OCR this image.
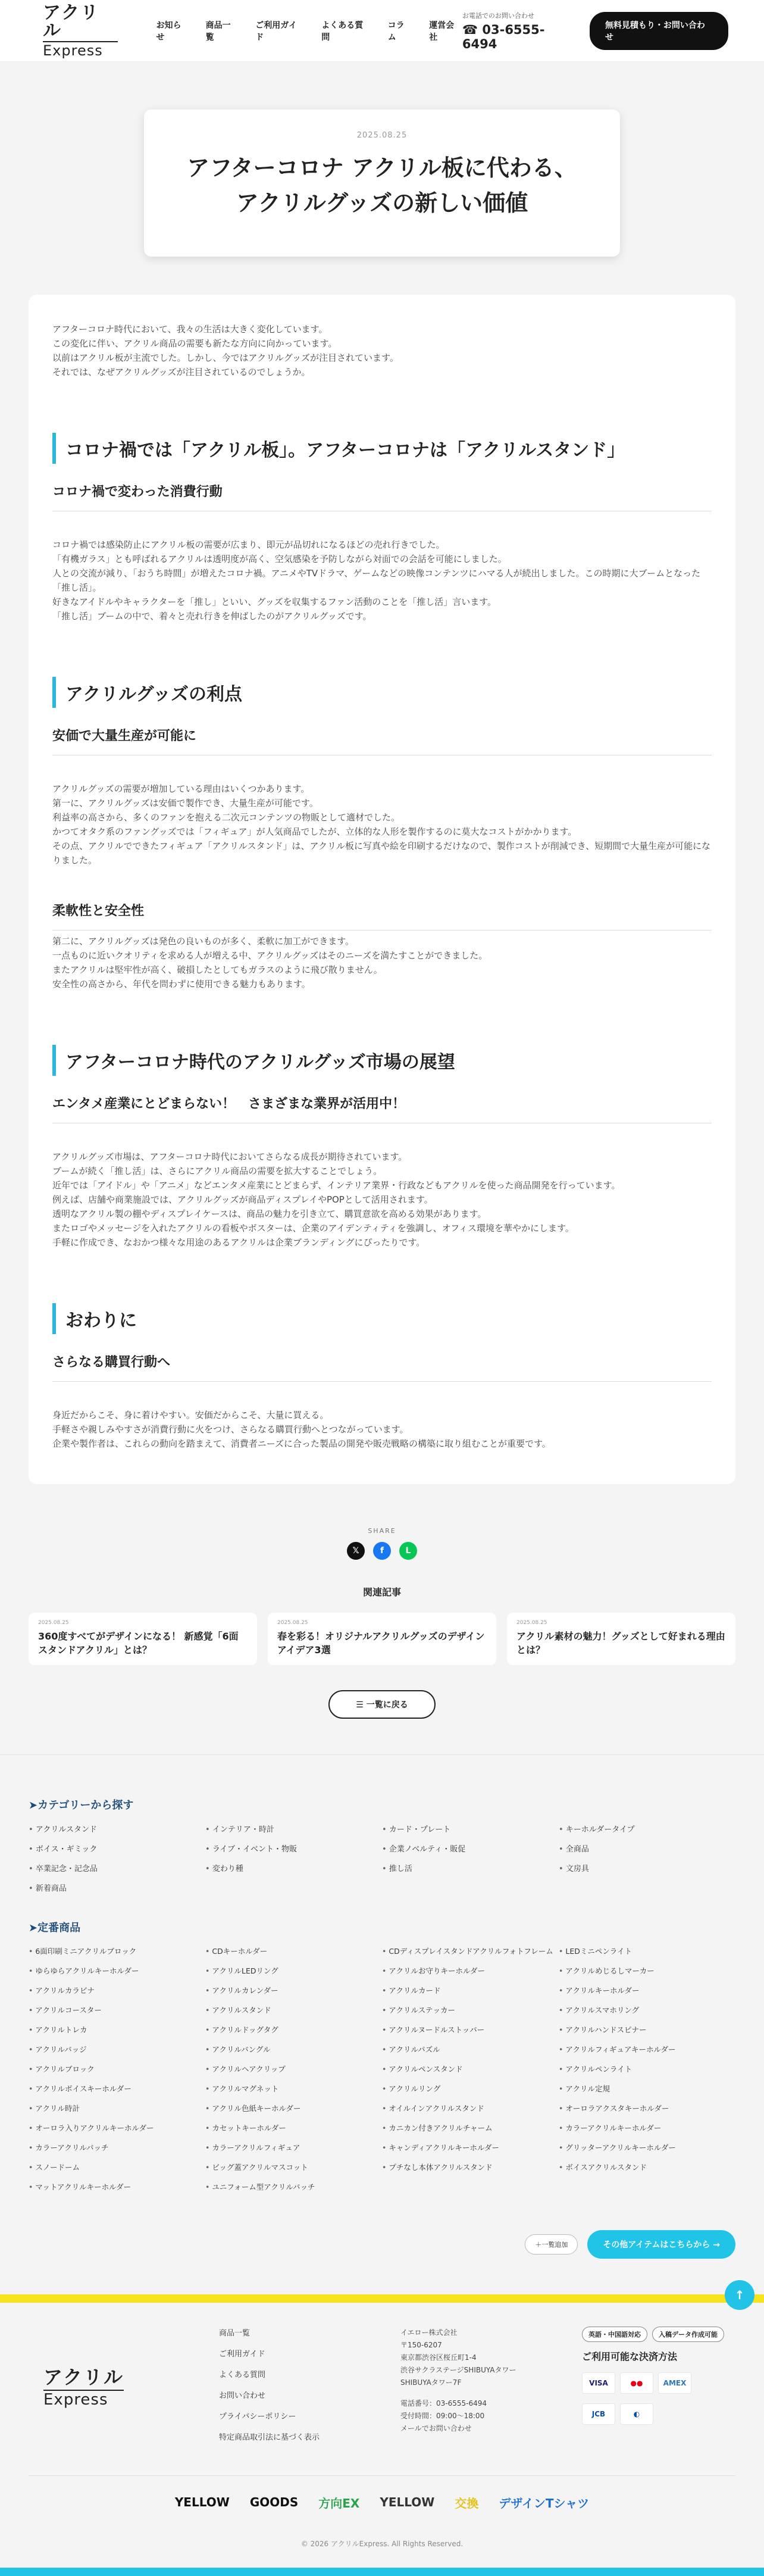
アクリル
Express
お知らせ
商品一覧
ご利用ガイド
よくある質問
コラム
運営会社
お電話でのお問い合わせ
☎ 03-6555-6494
無料見積もり・お問い合わせ
2025.08.25
アフターコロナ アクリル板に代わる、アクリルグッズの新しい価値

アフターコロナ時代において、我々の生活は大きく変化しています。
この変化に伴い、アクリル商品の需要も新たな方向に向かっています。
以前はアクリル板が主流でした。しかし、今ではアクリルグッズが注目されています。
それでは、なぜアクリルグッズが注目されているのでしょうか。

コロナ禍では「アクリル板」。アフターコロナは「アクリルスタンド」
コロナ禍で変わった消費行動

コロナ禍では感染防止にアクリル板の需要が広まり、即元が品切れになるほどの売れ行きでした。
「有機ガラス」とも呼ばれるアクリルは透明度が高く、空気感染を予防しながら対面での会話を可能にしました。
人との交流が減り、「おうち時間」が増えたコロナ禍。アニメやTVドラマ、ゲームなどの映像コンテンツにハマる人が続出しました。この時期に大ブームとなった「推し活」。
好きなアイドルやキャラクターを「推し」といい、グッズを収集するファン活動のことを「推し活」言います。
「推し活」ブームの中で、着々と売れ行きを伸ばしたのがアクリルグッズです。

アクリルグッズの利点
安価で大量生産が可能に

アクリルグッズの需要が増加している理由はいくつかあります。
第一に、アクリルグッズは安価で製作でき、大量生産が可能です。
利益率の高さから、多くのファンを抱える二次元コンテンツの物販として適材でした。
かつてオタク系のファングッズでは「フィギュア」が人気商品でしたが、立体的な人形を製作するのに莫大なコストがかかります。
その点、アクリルでできたフィギュア「アクリルスタンド」は、アクリル板に写真や絵を印刷するだけなので、製作コストが削減でき、短期間で大量生産が可能になりました。

柔軟性と安全性

第二に、アクリルグッズは発色の良いものが多く、柔軟に加工ができます。
一点ものに近いクオリティを求める人が増える中、アクリルグッズはそのニーズを満たすことができました。
またアクリルは堅牢性が高く、破損したとしてもガラスのように飛び散りません。
安全性の高さから、年代を問わずに使用できる魅力もあります。

アフターコロナ時代のアクリルグッズ市場の展望
エンタメ産業にとどまらない！　さまざまな業界が活用中！

アクリルグッズ市場は、アフターコロナ時代においてさらなる成長が期待されています。
ブームが続く「推し活」は、さらにアクリル商品の需要を拡大することでしょう。
近年では「アイドル」や「アニメ」などエンタメ産業にとどまらず、インテリア業界・行政などもアクリルを使った商品開発を行っています。
例えば、店舗や商業施設では、アクリルグッズが商品ディスプレイやPOPとして活用されます。
透明なアクリル製の棚やディスプレイケースは、商品の魅力を引き立て、購買意欲を高める効果があります。
またロゴやメッセージを入れたアクリルの看板やボスターは、企業のアイデンティティを強調し、オフィス環境を華やかにします。
手軽に作成でき、なおかつ様々な用途のあるアクリルは企業ブランディングにぴったりです。

おわりに
さらなる購買行動へ

身近だからこそ、身に着けやすい。安価だからこそ、大量に買える。
手軽さや親しみやすさが消費行動に火をつけ、さらなる購買行動へとつながっています。
企業や製作者は、これらの動向を踏まえて、消費者ニーズに合った製品の開発や販売戦略の構築に取り組むことが重要です。

SHARE
𝕏	f	L
関連記事
2025.08.25
360度すべてがデザインになる！ 新感覚「6面スタンドアクリル」とは？
2025.08.25
春を彩る！オリジナルアクリルグッズのデザインアイデア3選
2025.08.25
アクリル素材の魅力！グッズとして好まれる理由とは？
☰ 一覧に戻る
➤カテゴリーから探す
• アクリルスタンド	• インテリア・時計	• カード・プレート	• キーホルダータイプ
• ボイス・ギミック	• ライブ・イベント・物販	• 企業ノベルティ・販促	• 全商品
• 卒業記念・記念品	• 変わり種	• 推し活	• 文房具
• 新着商品
➤定番商品
• 6面印刷ミニアクリルブロック	• CDキーホルダー	• CDディスプレイスタンドアクリルフォトフレーム	• LEDミニペンライト
• ゆらゆらアクリルキーホルダー	• アクリルLEDリング	• アクリルお守りキーホルダー	• アクリルめじるしマーカー
• アクリルカラビナ	• アクリルカレンダー	• アクリルカード	• アクリルキーホルダー
• アクリルコースター	• アクリルスタンド	• アクリルステッカー	• アクリルスマホリング
• アクリルトレカ	• アクリルドッグタグ	• アクリルヌードルストッパー	• アクリルハンドスピナー
• アクリルバッジ	• アクリルバングル	• アクリルパズル	• アクリルフィギュアキーホルダー
• アクリルブロック	• アクリルヘアクリップ	• アクリルペンスタンド	• アクリルペンライト
• アクリルボイスキーホルダー	• アクリルマグネット	• アクリルリング	• アクリル定規
• アクリル時計	• アクリル色紙キーホルダー	• オイルインアクリルスタンド	• オーロラアクスタキーホルダー
• オーロラ入りアクリルキーホルダー	• カセットキーホルダー	• カニカン付きアクリルチャーム	• カラーアクリルキーホルダー
• カラーアクリルバッチ	• カラーアクリルフィギュア	• キャンディアクリルキーホルダー	• グリッターアクリルキーホルダー
• スノードーム	• ビッグ蓋アクリルマスコット	• プチなし本体アクリルスタンド	• ボイスアクリルスタンド
• マットアクリルキーホルダー	• ユニフォーム型アクリルバッチ
＋一覧追加	その他アイテムはこちらから →
アクリル
Express
商品一覧
ご利用ガイド
よくある質問
お問い合わせ
プライバシーポリシー
特定商品取引法に基づく表示
イエロー株式会社
〒150-6207
東京都渋谷区桜丘町1-4
渋谷サクラステージSHIBUYAタワー
SHIBUYAタワー7F
電話番号：03-6555-6494
受付時間：09:00～18:00
メールでお問い合わせ
英語・中国語対応	入稿データ作成可能
ご利用可能な決済方法
VISA	●●	AMEX
JCB	◐
YELLOW GOODS 方向EX YELLOW 交換 デザインTシャツ
© 2026 アクリルExpress. All Rights Reserved.
↑
